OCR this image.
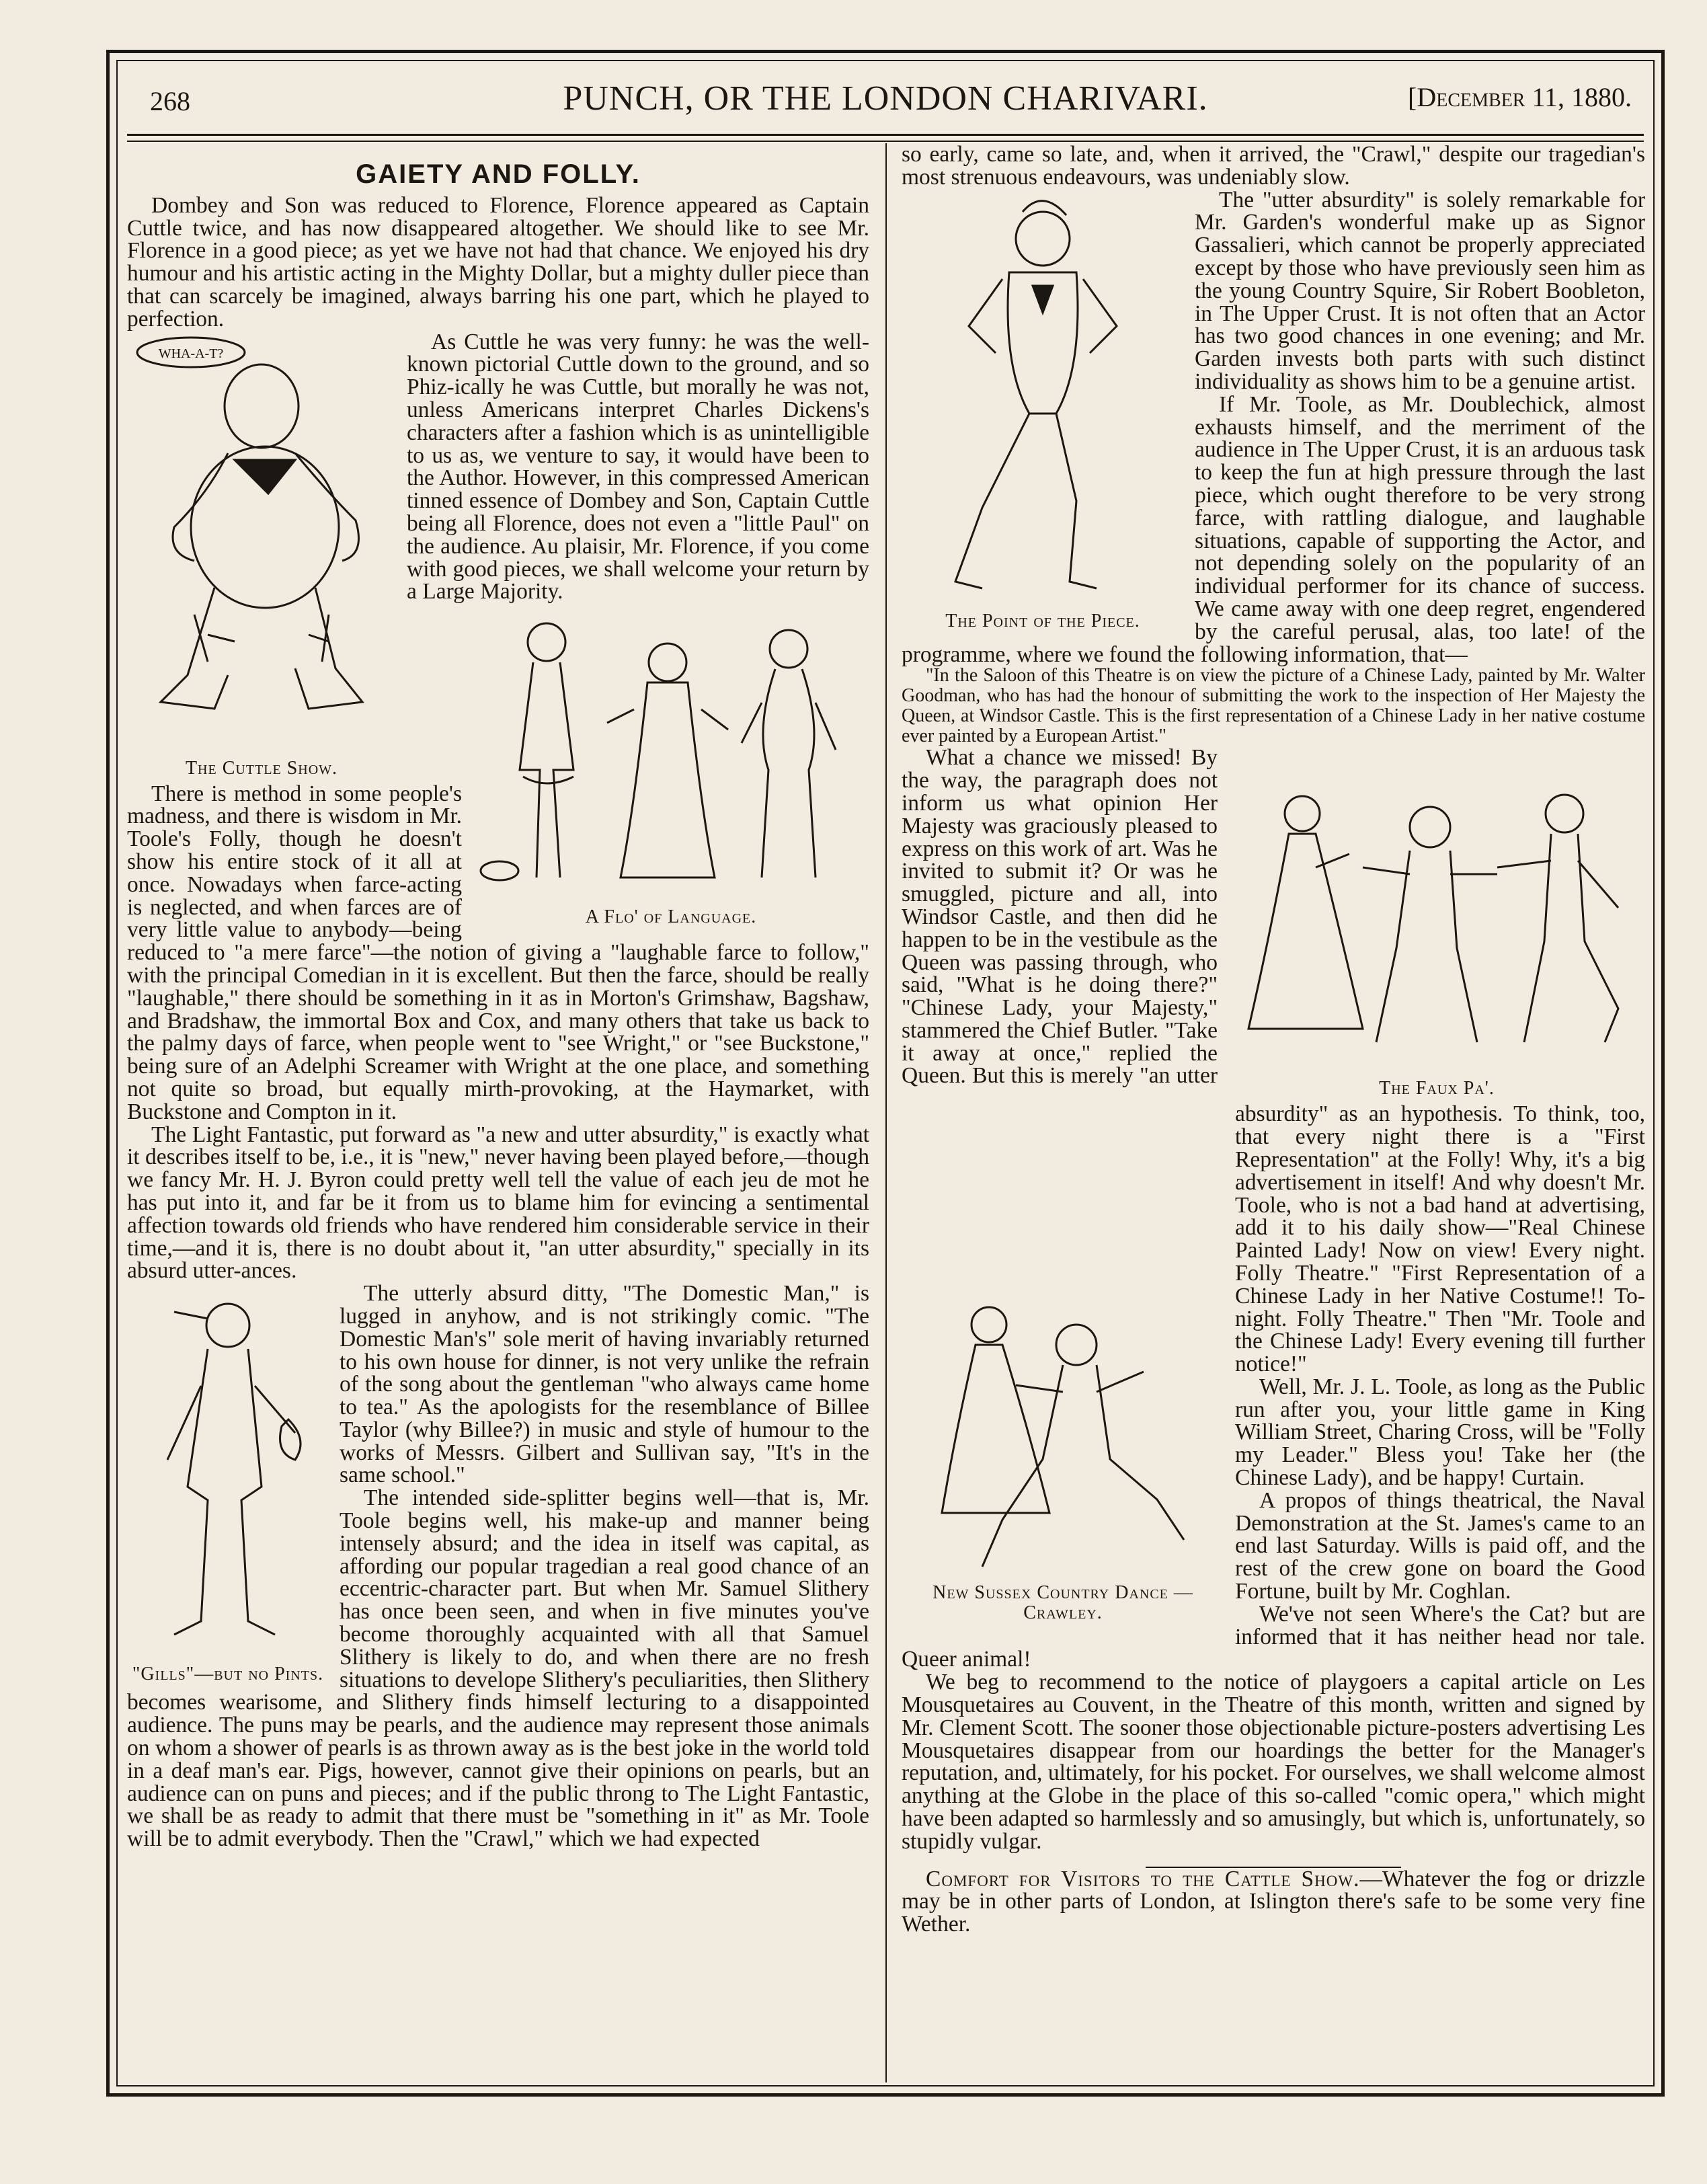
268	PUNCH, OR THE LONDON CHARIVARI.	[December 11, 1880.
GAIETY AND FOLLY.

Dombey and Son was reduced to Florence, Florence appeared as Captain Cuttle twice, and has now disappeared altogether. We should like to see Mr. Florence in a good piece; as yet we have not had that chance. We enjoyed his dry humour and his artistic acting in the Mighty Dollar, but a mighty duller piece than that can scarcely be imagined, always barring his one part, which he played to perfection.

WHA-A-T?
The Cuttle Show.

As Cuttle he was very funny: he was the well-known pictorial Cuttle down to the ground, and so Phiz-ically he was Cuttle, but morally he was not, unless Americans interpret Charles Dickens's characters after a fashion which is as unintelligible to us as, we venture to say, it would have been to the Author. However, in this compressed American tinned essence of Dombey and Son, Captain Cuttle being all Florence, does not even a "little Paul" on the audience. Au plaisir, Mr. Florence, if you come with good pieces, we shall welcome your return by a Large Majority.

A Flo' of Language.

There is method in some people's madness, and there is wisdom in Mr. Toole's Folly, though he doesn't show his entire stock of it all at once. Nowadays when farce-acting is neglected, and when farces are of very little value to anybody—being reduced to "a mere farce"—the notion of giving a "laughable farce to follow," with the principal Comedian in it is excellent. But then the farce, should be really "laughable," there should be something in it as in Morton's Grimshaw, Bagshaw, and Bradshaw, the immortal Box and Cox, and many others that take us back to the palmy days of farce, when people went to "see Wright," or "see Buckstone," being sure of an Adelphi Screamer with Wright at the one place, and something not quite so broad, but equally mirth-provoking, at the Haymarket, with Buckstone and Compton in it.

The Light Fantastic, put forward as "a new and utter absurdity," is exactly what it describes itself to be, i.e., it is "new," never having been played before,—though we fancy Mr. H. J. Byron could pretty well tell the value of each jeu de mot he has put into it, and far be it from us to blame him for evincing a sentimental affection towards old friends who have rendered him considerable service in their time,—and it is, there is no doubt about it, "an utter absurdity," specially in its absurd utter-ances.

"Gills"—but no Pints.

The utterly absurd ditty, "The Domestic Man," is lugged in anyhow, and is not strikingly comic. "The Domestic Man's" sole merit of having invariably returned to his own house for dinner, is not very unlike the refrain of the song about the gentleman "who always came home to tea." As the apologists for the resemblance of Billee Taylor (why Billee?) in music and style of humour to the works of Messrs. Gilbert and Sullivan say, "It's in the same school."

The intended side-splitter begins well—that is, Mr. Toole begins well, his make-up and manner being intensely absurd; and the idea in itself was capital, as affording our popular tragedian a real good chance of an eccentric-character part. But when Mr. Samuel Slithery has once been seen, and when in five minutes you've become thoroughly acquainted with all that Samuel Slithery is likely to do, and when there are no fresh situations to develope Slithery's peculiarities, then Slithery becomes wearisome, and Slithery finds himself lecturing to a disappointed audience. The puns may be pearls, and the audience may represent those animals on whom a shower of pearls is as thrown away as is the best joke in the world told in a deaf man's ear. Pigs, however, cannot give their opinions on pearls, but an audience can on puns and pieces; and if the public throng to The Light Fantastic, we shall be as ready to admit that there must be "something in it" as Mr. Toole will be to admit everybody. Then the "Crawl," which we had expected

so early, came so late, and, when it arrived, the "Crawl," despite our tragedian's most strenuous endeavours, was undeniably slow.

The Point of the Piece.

The "utter absurdity" is solely remarkable for Mr. Garden's wonderful make up as Signor Gassalieri, which cannot be properly appreciated except by those who have previously seen him as the young Country Squire, Sir Robert Boobleton, in The Upper Crust. It is not often that an Actor has two good chances in one evening; and Mr. Garden invests both parts with such distinct individuality as shows him to be a genuine artist.

If Mr. Toole, as Mr. Doublechick, almost exhausts himself, and the merriment of the audience in The Upper Crust, it is an arduous task to keep the fun at high pressure through the last piece, which ought therefore to be very strong farce, with rattling dialogue, and laughable situations, capable of supporting the Actor, and not depending solely on the popularity of an individual performer for its chance of success. We came away with one deep regret, engendered by the careful perusal, alas, too late! of the programme, where we found the following information, that—

"In the Saloon of this Theatre is on view the picture of a Chinese Lady, painted by Mr. Walter Goodman, who has had the honour of submitting the work to the inspection of Her Majesty the Queen, at Windsor Castle. This is the first representation of a Chinese Lady in her native costume ever painted by a European Artist."

The Faux Pa'.
New Sussex Country Dance —Crawley.

What a chance we missed! By the way, the paragraph does not inform us what opinion Her Majesty was graciously pleased to express on this work of art. Was he invited to submit it? Or was he smuggled, picture and all, into Windsor Castle, and then did he happen to be in the vestibule as the Queen was passing through, who said, "What is he doing there?" "Chinese Lady, your Majesty," stammered the Chief Butler. "Take it away at once," replied the Queen. But this is merely "an utter absurdity" as an hypothesis. To think, too, that every night there is a "First Representation" at the Folly! Why, it's a big advertisement in itself! And why doesn't Mr. Toole, who is not a bad hand at advertising, add it to his daily show—"Real Chinese Painted Lady! Now on view! Every night. Folly Theatre." "First Representation of a Chinese Lady in her Native Costume!! To-night. Folly Theatre." Then "Mr. Toole and the Chinese Lady! Every evening till further notice!"

Well, Mr. J. L. Toole, as long as the Public run after you, your little game in King William Street, Charing Cross, will be "Folly my Leader." Bless you! Take her (the Chinese Lady), and be happy! Curtain.

A propos of things theatrical, the Naval Demonstration at the St. James's came to an end last Saturday. Wills is paid off, and the rest of the crew gone on board the Good Fortune, built by Mr. Coghlan.

We've not seen Where's the Cat? but are informed that it has neither head nor tale. Queer animal!

We beg to recommend to the notice of playgoers a capital article on Les Mousquetaires au Couvent, in the Theatre of this month, written and signed by Mr. Clement Scott. The sooner those objectionable picture-posters advertising Les Mousquetaires disappear from our hoardings the better for the Manager's reputation, and, ultimately, for his pocket. For ourselves, we shall welcome almost anything at the Globe in the place of this so-called "comic opera," which might have been adapted so harmlessly and so amusingly, but which is, unfortunately, so stupidly vulgar.

Comfort for Visitors to the Cattle Show.—Whatever the fog or drizzle may be in other parts of London, at Islington there's safe to be some very fine Wether.
